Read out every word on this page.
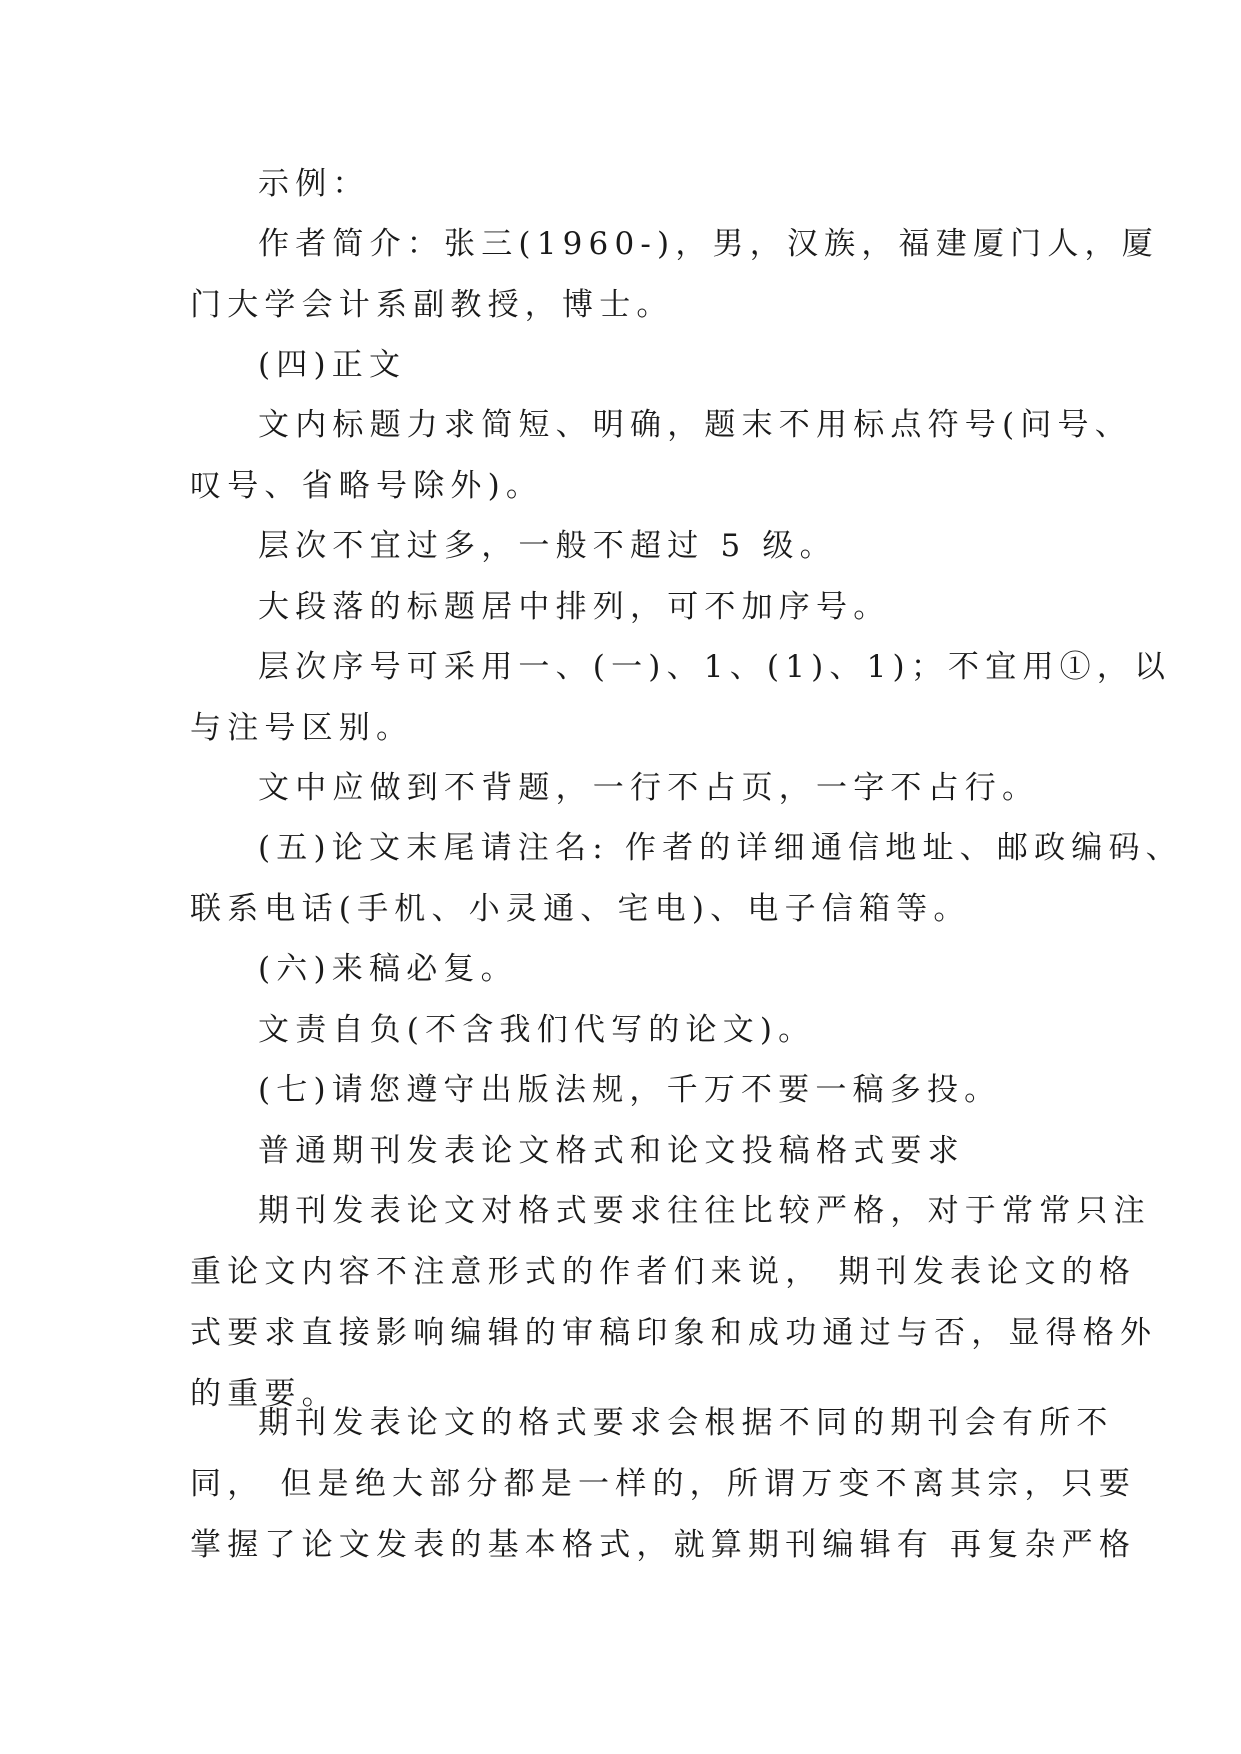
示例：

作者简介：张三(1960-)，男，汉族，福建厦门人，厦
门大学会计系副教授，博士。

(四)正文

文内标题力求简短、明确，题末不用标点符号(问号、
叹号、省略号除外)。

层次不宜过多，一般不超过 5 级。

大段落的标题居中排列，可不加序号。

层次序号可采用一、(一)、1、(1)、1)；不宜用①，以
与注号区别。

文中应做到不背题，一行不占页，一字不占行。

(五)论文末尾请注名: 作者的详细通信地址、邮政编码、
联系电话(手机、小灵通、宅电)、电子信箱等。

(六)来稿必复。

文责自负(不含我们代写的论文)。

(七)请您遵守出版法规，千万不要一稿多投。

普通期刊发表论文格式和论文投稿格式要求

期刊发表论文对格式要求往往比较严格，对于常常只注
重论文内容不注意形式的作者们来说， 期刊发表论文的格
式要求直接影响编辑的审稿印象和成功通过与否，显得格外
的重要。

期刊发表论文的格式要求会根据不同的期刊会有所不
同， 但是绝大部分都是一样的，所谓万变不离其宗，只要
掌握了论文发表的基本格式，就算期刊编辑有 再复杂严格
